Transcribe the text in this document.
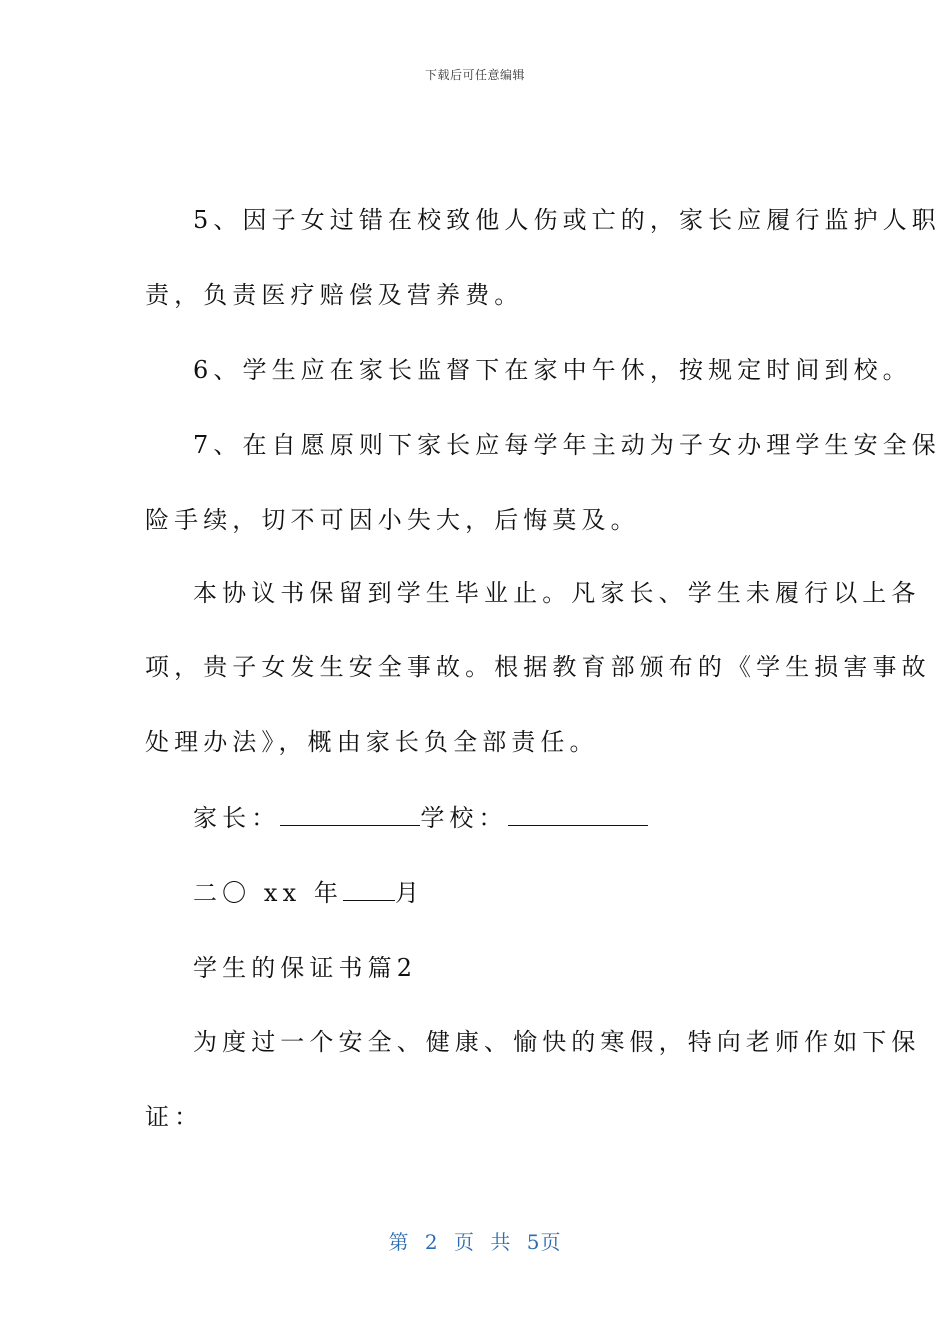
下载后可任意编辑
5、因子女过错在校致他人伤或亡的，家长应履行监护人职
责，负责医疗赔偿及营养费。
6、学生应在家长监督下在家中午休，按规定时间到校。
7、在自愿原则下家长应每学年主动为子女办理学生安全保
险手续，切不可因小失大，后悔莫及。
本协议书保留到学生毕业止。凡家长、学生未履行以上各
项，贵子女发生安全事故。根据教育部颁布的《学生损害事故
处理办法》，概由家长负全部责任。
家长：	学校：
二〇 xx 年 月
学生的保证书篇2
为度过一个安全、健康、愉快的寒假，特向老师作如下保
证：
第 2 页 共 5页
